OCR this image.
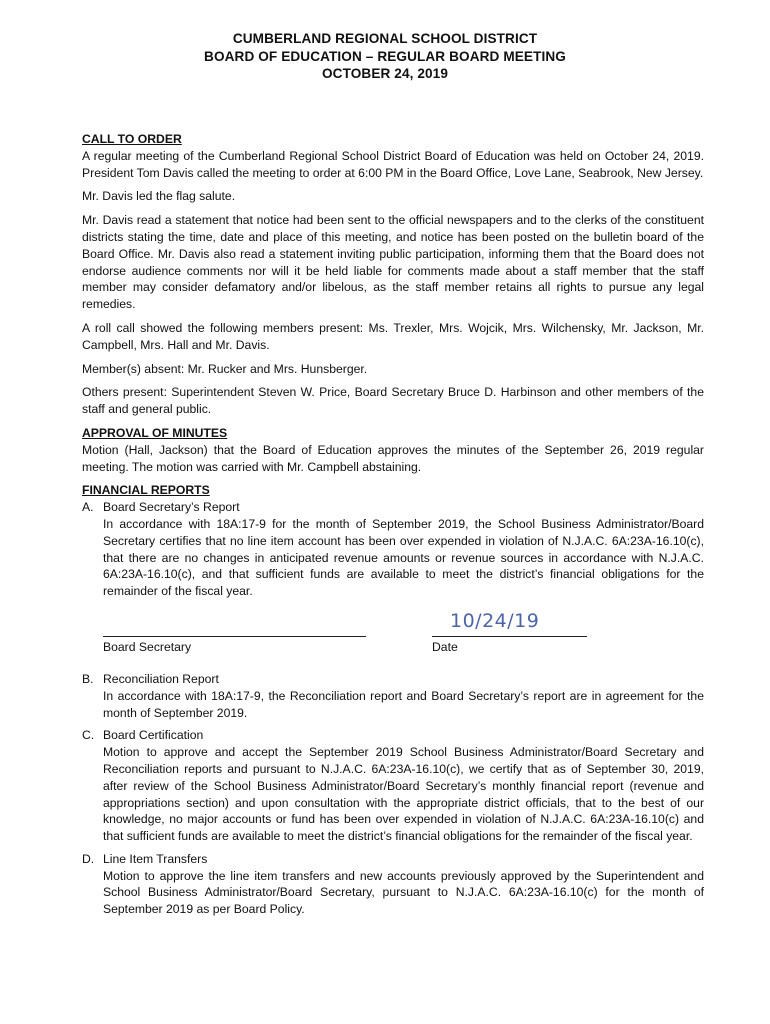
CUMBERLAND REGIONAL SCHOOL DISTRICT
BOARD OF EDUCATION – REGULAR BOARD MEETING
OCTOBER 24, 2019
CALL TO ORDER

A regular meeting of the Cumberland Regional School District Board of Education was held on October 24, 2019. President Tom Davis called the meeting to order at 6:00 PM in the Board Office, Love Lane, Seabrook, New Jersey.

Mr. Davis led the flag salute.

Mr. Davis read a statement that notice had been sent to the official newspapers and to the clerks of the constituent districts stating the time, date and place of this meeting, and notice has been posted on the bulletin board of the Board Office. Mr. Davis also read a statement inviting public participation, informing them that the Board does not endorse audience comments nor will it be held liable for comments made about a staff member that the staff member may consider defamatory and/or libelous, as the staff member retains all rights to pursue any legal remedies.

A roll call showed the following members present: Ms. Trexler, Mrs. Wojcik, Mrs. Wilchensky, Mr. Jackson, Mr. Campbell, Mrs. Hall and Mr. Davis.

Member(s) absent: Mr. Rucker and Mrs. Hunsberger.

Others present: Superintendent Steven W. Price, Board Secretary Bruce D. Harbinson and other members of the staff and general public.

APPROVAL OF MINUTES

Motion (Hall, Jackson) that the Board of Education approves the minutes of the September 26, 2019 regular meeting. The motion was carried with Mr. Campbell abstaining.

FINANCIAL REPORTS
A. Board Secretary’s Report
In accordance with 18A:17-9 for the month of September 2019, the School Business Administrator/Board Secretary certifies that no line item account has been over expended in violation of N.J.A.C. 6A:23A-16.10(c), that there are no changes in anticipated revenue amounts or revenue sources in accordance with N.J.A.C. 6A:23A-16.10(c), and that sufficient funds are available to meet the district’s financial obligations for the remainder of the fiscal year.
Board Secretary
10/24/19
Date
B. Reconciliation Report
In accordance with 18A:17-9, the Reconciliation report and Board Secretary’s report are in agreement for the month of September 2019.
C. Board Certification
Motion to approve and accept the September 2019 School Business Administrator/Board Secretary and Reconciliation reports and pursuant to N.J.A.C. 6A:23A-16.10(c), we certify that as of September 30, 2019, after review of the School Business Administrator/Board Secretary’s monthly financial report (revenue and appropriations section) and upon consultation with the appropriate district officials, that to the best of our knowledge, no major accounts or fund has been over expended in violation of N.J.A.C. 6A:23A-16.10(c) and that sufficient funds are available to meet the district’s financial obligations for the remainder of the fiscal year.
D. Line Item Transfers
Motion to approve the line item transfers and new accounts previously approved by the Superintendent and School Business Administrator/Board Secretary, pursuant to N.J.A.C. 6A:23A-16.10(c) for the month of September 2019 as per Board Policy.
